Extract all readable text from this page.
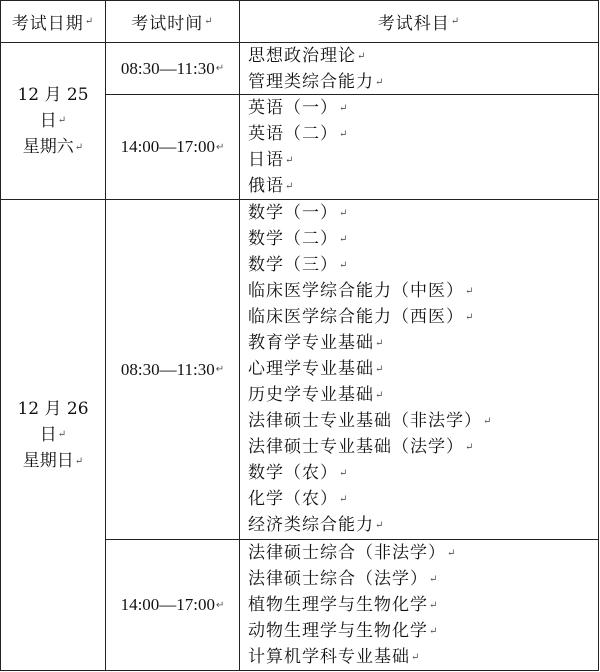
考试日期 ↵ 考试时间 ↵	考试科目 ↵
12 月 25
日↵
星期六↵
08:30—11:30 ↵
思想政治理论↵
管理类综合能力↵
14:00—17:00 ↵
英语（一）↵
英语（二）↵
日语↵
俄语↵
12 月 26
日↵
星期日↵
08:30—11:30 ↵
数学（一）↵
数学（二）↵
数学（三）↵
临床医学综合能力（中医）↵
临床医学综合能力（西医）↵
教育学专业基础↵
心理学专业基础↵
历史学专业基础↵
法律硕士专业基础（非法学）↵
法律硕士专业基础（法学）↵
数学（农）↵
化学（农）↵
经济类综合能力↵
14:00—17:00 ↵
法律硕士综合（非法学）↵
法律硕士综合（法学）↵
植物生理学与生物化学↵
动物生理学与生物化学↵
计算机学科专业基础↵
